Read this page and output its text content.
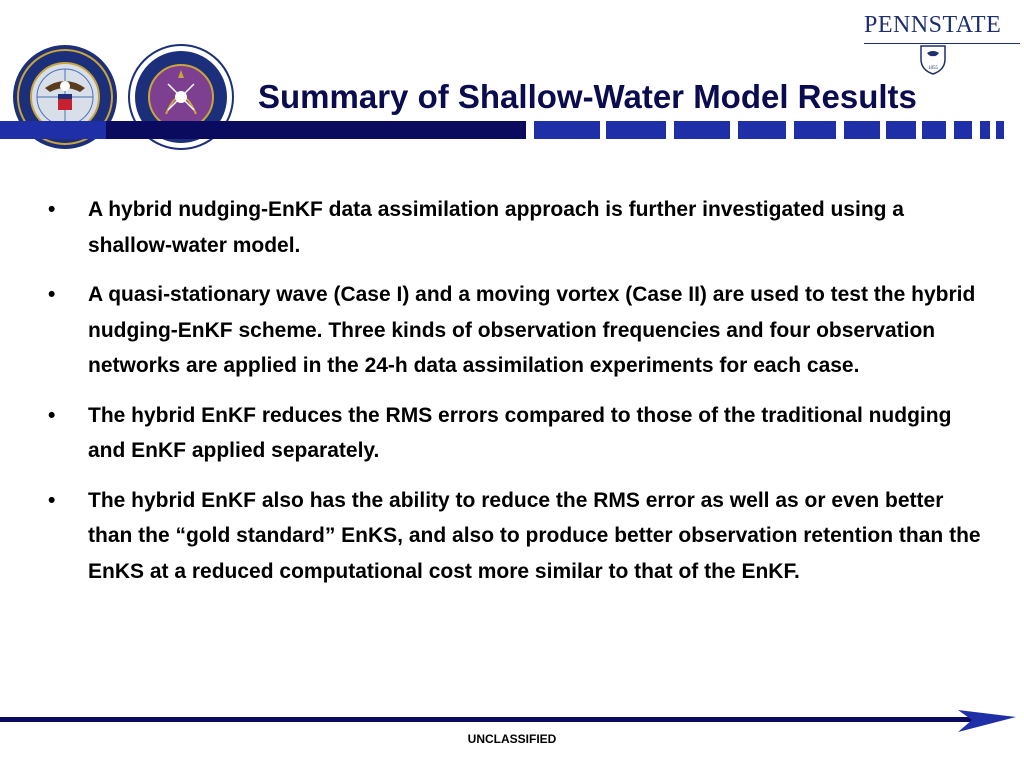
PENNSTATE
1855
Summary of Shallow-Water Model Results
• A hybrid nudging-EnKF data assimilation approach is further investigated using a shallow-water model.
• A quasi-stationary wave (Case I) and a moving vortex (Case II) are used to test the hybrid nudging-EnKF scheme. Three kinds of observation frequencies and four observation networks are applied in the 24-h data assimilation experiments for each case.
• The hybrid EnKF reduces the RMS errors compared to those of the traditional nudging and EnKF applied separately.
• The hybrid EnKF also has the ability to reduce the RMS error as well as or even better than the “gold standard” EnKS, and also to produce better observation retention than the EnKS at a reduced computational cost more similar to that of the EnKF.
UNCLASSIFIED
